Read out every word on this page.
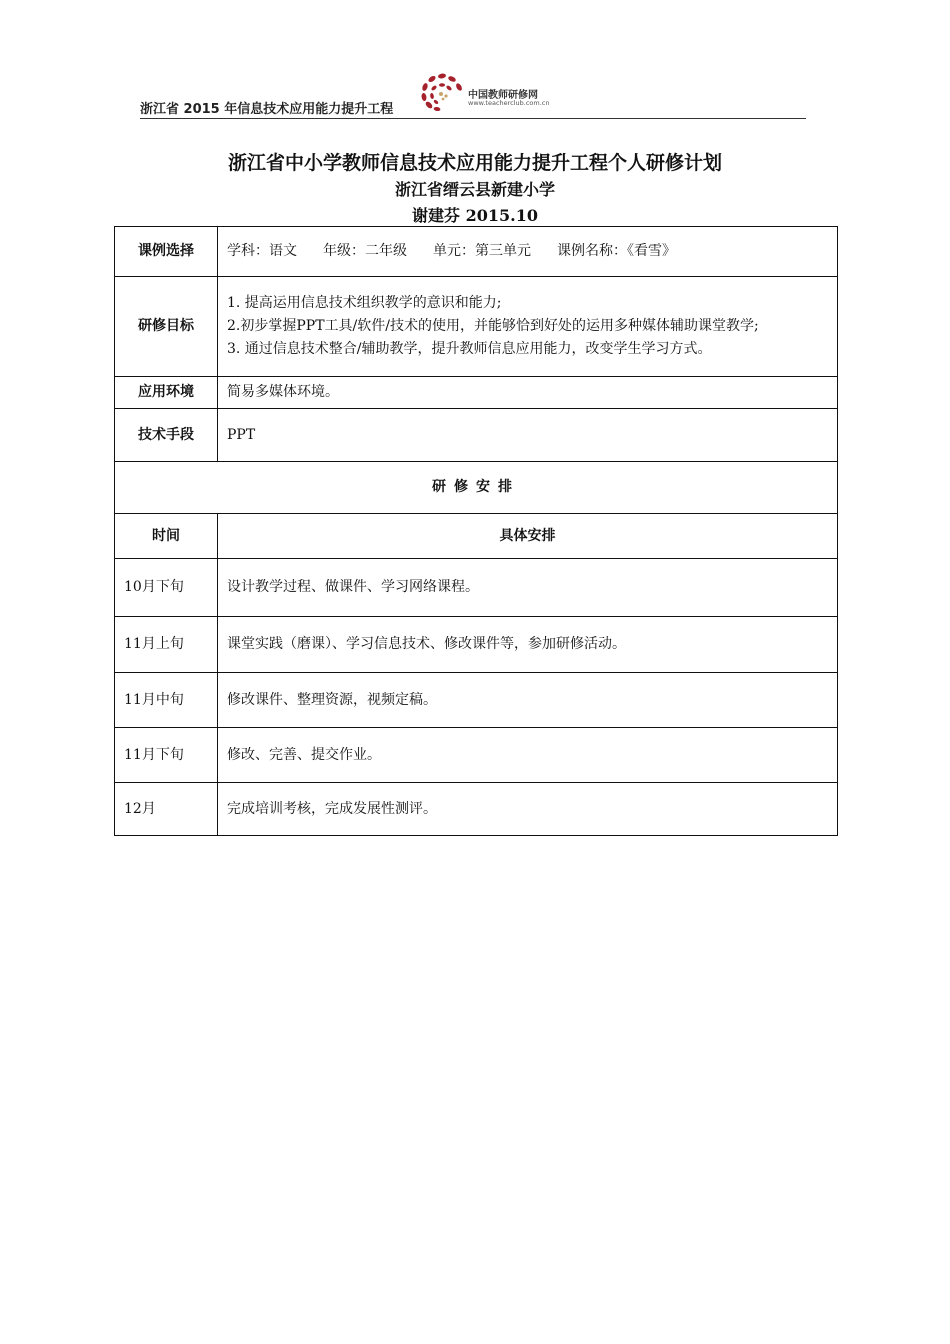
浙江省 2015 年信息技术应用能力提升工程
中国教师研修网
www.teacherclub.com.cn
浙江省中小学教师信息技术应用能力提升工程个人研修计划
浙江省缙云县新建小学
谢建芬 2015.10
课例选择	学科：语文 年级：二年级 单元：第三单元 课例名称：《看雪》
研修目标	1. 提高运用信息技术组织教学的意识和能力;
2.初步掌握PPT工具/软件/技术的使用，并能够恰到好处的运用多种媒体辅助课堂教学;
3. 通过信息技术整合/辅助教学，提升教师信息应用能力，改变学生学习方式。

应用环境	简易多媒体环境。
技术手段	PPT
研修安排	
时间	具体安排
10月下旬	设计教学过程、做课件、学习网络课程。
11月上旬	课堂实践（磨课）、学习信息技术、修改课件等，参加研修活动。
11月中旬	修改课件、整理资源，视频定稿。
11月下旬	修改、完善、提交作业。
12月	完成培训考核，完成发展性测评。
